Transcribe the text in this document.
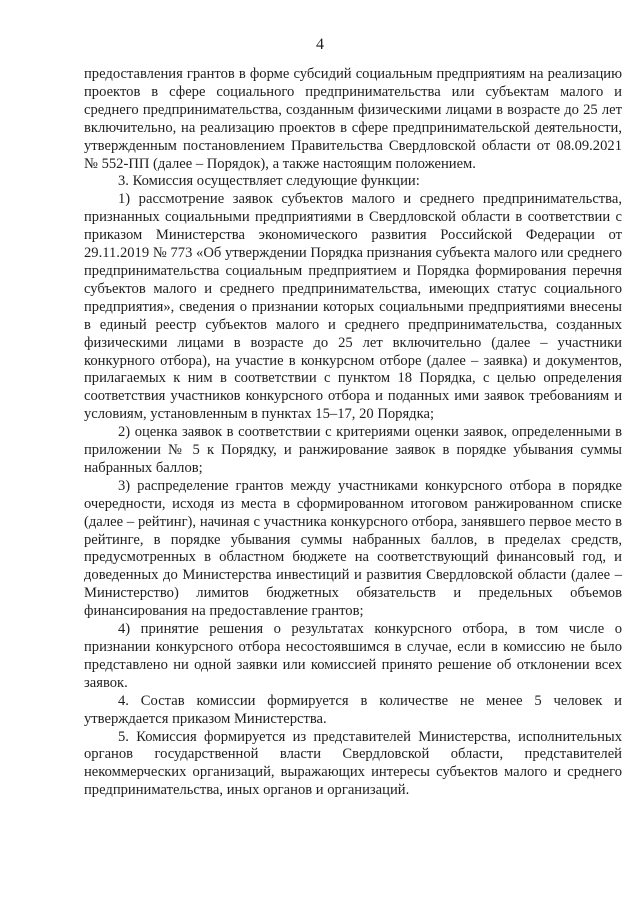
4

предоставления грантов в форме субсидий социальным предприятиям на реализацию проектов в сфере социального предпринимательства или субъектам малого и среднего предпринимательства, созданным физическими лицами в возрасте до 25 лет включительно, на реализацию проектов в сфере предпринимательской деятельности, утвержденным постановлением Правительства Свердловской области от 08.09.2021 № 552-ПП (далее – Порядок), а также настоящим положением.

3. Комиссия осуществляет следующие функции:

1) рассмотрение заявок субъектов малого и среднего предпринимательства, признанных социальными предприятиями в Свердловской области в соответствии с приказом Министерства экономического развития Российской Федерации от 29.11.2019 № 773 «Об утверждении Порядка признания субъекта малого или среднего предпринимательства социальным предприятием и Порядка формирования перечня субъектов малого и среднего предпринимательства, имеющих статус социального предприятия», сведения о признании которых социальными предприятиями внесены в единый реестр субъектов малого и среднего предпринимательства, созданных физическими лицами в возрасте до 25 лет включительно (далее – участники конкурного отбора), на участие в конкурсном отборе (далее – заявка) и документов, прилагаемых к ним в соответствии с пунктом 18 Порядка, с целью определения соответствия участников конкурсного отбора и поданных ими заявок требованиям и условиям, установленным в пунктах 15–17, 20 Порядка;

2) оценка заявок в соответствии с критериями оценки заявок, определенными в приложении № 5 к Порядку, и ранжирование заявок в порядке убывания суммы набранных баллов;

3) распределение грантов между участниками конкурсного отбора в порядке очередности, исходя из места в сформированном итоговом ранжированном списке (далее – рейтинг), начиная с участника конкурсного отбора, занявшего первое место в рейтинге, в порядке убывания суммы набранных баллов, в пределах средств, предусмотренных в областном бюджете на соответствующий финансовый год, и доведенных до Министерства инвестиций и развития Свердловской области (далее – Министерство) лимитов бюджетных обязательств и предельных объемов финансирования на предоставление грантов;

4) принятие решения о результатах конкурсного отбора, в том числе о признании конкурсного отбора несостоявшимся в случае, если в комиссию не было представлено ни одной заявки или комиссией принято решение об отклонении всех заявок.

4. Состав комиссии формируется в количестве не менее 5 человек и утверждается приказом Министерства.

5. Комиссия формируется из представителей Министерства, исполнительных органов государственной власти Свердловской области, представителей некоммерческих организаций, выражающих интересы субъектов малого и среднего предпринимательства, иных органов и организаций.
